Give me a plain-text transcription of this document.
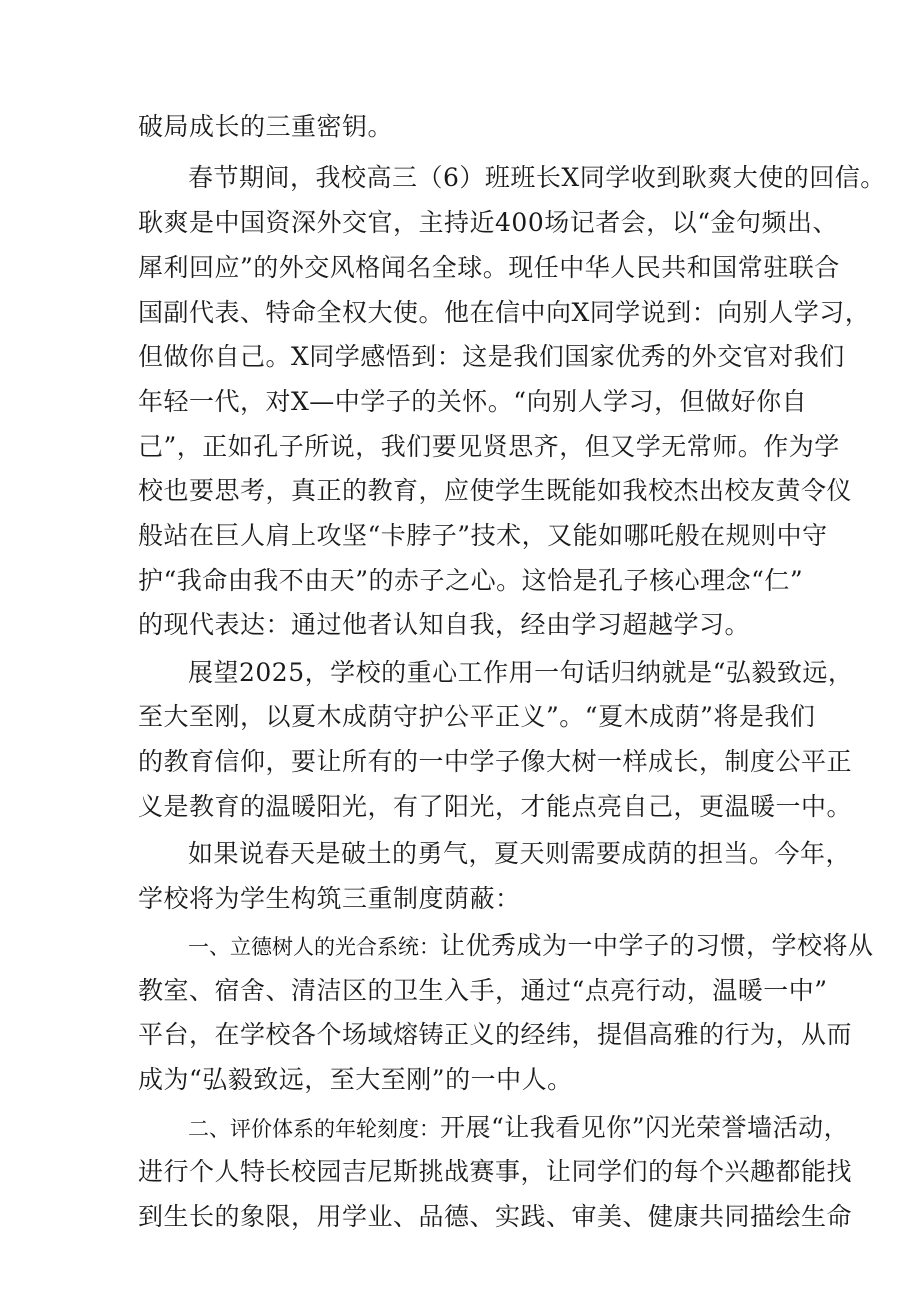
破局成长的三重密钥。
春节期间，我校高三（6）班班长X同学收到耿爽大使的回信。
耿爽是中国资深外交官，主持近400场记者会，以“金句频出、
犀利回应”的外交风格闻名全球。现任中华人民共和国常驻联合
国副代表、特命全权大使。他在信中向X同学说到：向别人学习，
但做你自己。X同学感悟到：这是我们国家优秀的外交官对我们
年轻一代，对X—中学子的关怀。“向别人学习，但做好你自
己”，正如孔子所说，我们要见贤思齐，但又学无常师。作为学
校也要思考，真正的教育，应使学生既能如我校杰出校友黄令仪
般站在巨人肩上攻坚“卡脖子”技术，又能如哪吒般在规则中守
护“我命由我不由天”的赤子之心。这恰是孔子核心理念“仁”
的现代表达：通过他者认知自我，经由学习超越学习。
展望2025，学校的重心工作用一句话归纳就是“弘毅致远，
至大至刚，以夏木成荫守护公平正义”。“夏木成荫”将是我们
的教育信仰，要让所有的一中学子像大树一样成长，制度公平正
义是教育的温暖阳光，有了阳光，才能点亮自己，更温暖一中。
如果说春天是破土的勇气，夏天则需要成荫的担当。今年，
学校将为学生构筑三重制度荫蔽：
一、立德树人的光合系统：让优秀成为一中学子的习惯，学校将从
教室、宿舍、清洁区的卫生入手，通过“点亮行动，温暖一中”
平台，在学校各个场域熔铸正义的经纬，提倡高雅的行为，从而
成为“弘毅致远，至大至刚”的一中人。
二、评价体系的年轮刻度：开展“让我看见你”闪光荣誉墙活动，
进行个人特长校园吉尼斯挑战赛事，让同学们的每个兴趣都能找
到生长的象限，用学业、品德、实践、审美、健康共同描绘生命
